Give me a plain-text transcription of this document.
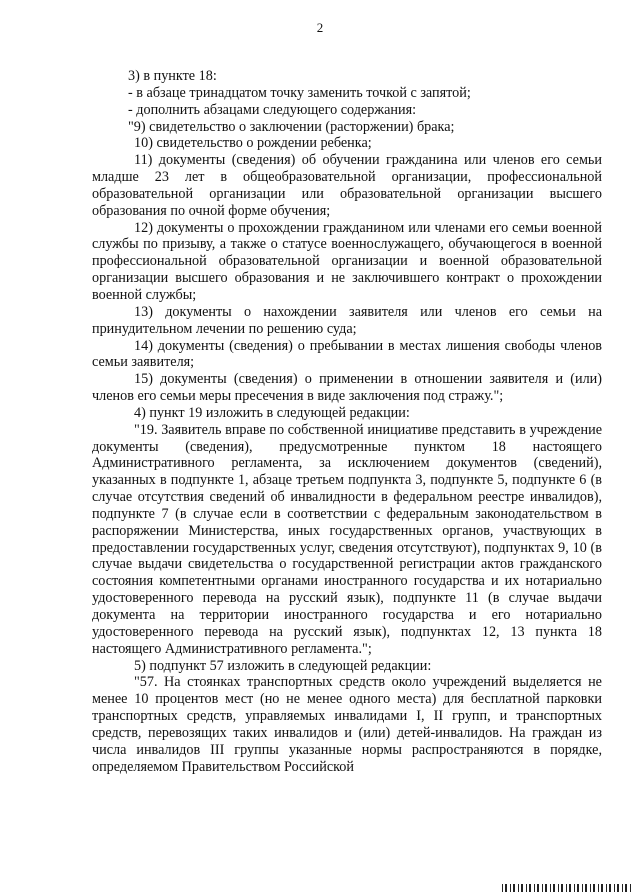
2

3) в пункте 18:

- в абзаце тринадцатом точку заменить точкой с запятой;

- дополнить абзацами следующего содержания:

"9) свидетельство о заключении (расторжении) брака;

10) свидетельство о рождении ребенка;

11) документы (сведения) об обучении гражданина или членов его семьи младше 23 лет в общеобразовательной организации, профессиональной образовательной организации или образовательной организации высшего образования по очной форме обучения;

12) документы о прохождении гражданином или членами его семьи военной службы по призыву, а также о статусе военнослужащего, обучающегося в военной профессиональной образовательной организации и военной образовательной организации высшего образования и не заключившего контракт о прохождении военной службы;

13) документы о нахождении заявителя или членов его семьи на принудительном лечении по решению суда;

14) документы (сведения) о пребывании в местах лишения свободы членов семьи заявителя;

15) документы (сведения) о применении в отношении заявителя и (или) членов его семьи меры пресечения в виде заключения под стражу.";

4) пункт 19 изложить в следующей редакции:

"19. Заявитель вправе по собственной инициативе представить в учреждение документы (сведения), предусмотренные пунктом 18 настоящего Административного регламента, за исключением документов (сведений), указанных в подпункте 1, абзаце третьем подпункта 3, подпункте 5, подпункте 6 (в случае отсутствия сведений об инвалидности в федеральном реестре инвалидов), подпункте 7 (в случае если в соответствии с федеральным законодательством в распоряжении Министерства, иных государственных органов, участвующих в предоставлении государственных услуг, сведения отсутствуют), подпунктах 9, 10 (в случае выдачи свидетельства о государственной регистрации актов гражданского состояния компетентными органами иностранного государства и их нотариально удостоверенного перевода на русский язык), подпункте 11 (в случае выдачи документа на территории иностранного государства и его нотариально удостоверенного перевода на русский язык), подпунктах 12, 13 пункта 18 настоящего Административного регламента.";

5) подпункт 57 изложить в следующей редакции:

"57. На стоянках транспортных средств около учреждений выделяется не менее 10 процентов мест (но не менее одного места) для бесплатной парковки транспортных средств, управляемых инвалидами I, II групп, и транспортных средств, перевозящих таких инвалидов и (или) детей-инвалидов. На граждан из числа инвалидов III группы указанные нормы распространяются в порядке, определяемом Правительством Российской
